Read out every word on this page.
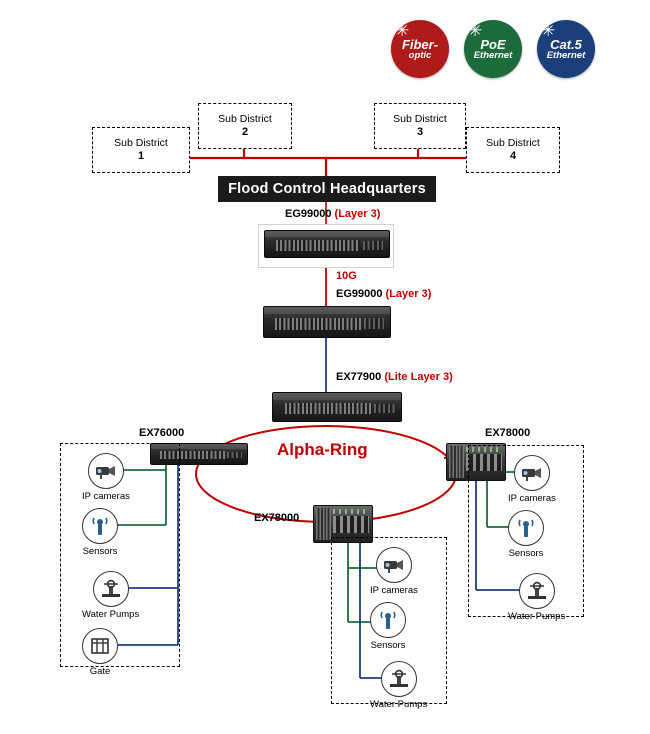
✳
Fiber-
optic
✳
PoE
Ethernet
✳
Cat.5
Ethernet
Sub District
1
Sub District
2
Sub District
3
Sub District
4
Flood Control Headquarters
EG99000 (Layer 3)
10G
EG99000 (Layer 3)
EX77900 (Lite Layer 3)
Alpha-Ring
EX76000	EX78000
EX78000
IP cameras
Sensors
Water Pumps
Gate
IP cameras
Sensors
Water Pumps
IP cameras
Sensors
Water Pumps
